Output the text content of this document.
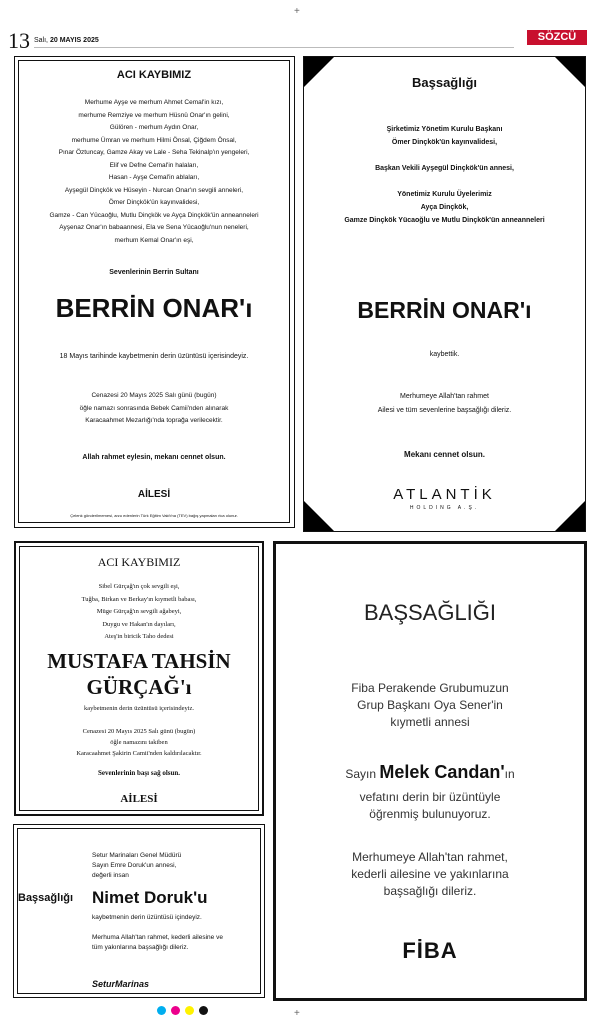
13 Salı, 20 MAYIS 2025	SÖZCÜ
+
+
ACI KAYBIMIZ
Merhume Ayşe ve merhum Ahmet Cemal'in kızı,
merhume Remziye ve merhum Hüsnü Onar'ın gelini,
Gülören - merhum Aydın Onar,
merhume Ümran ve merhum Hilmi Önsal, Çiğdem Önsal,
Pınar Öztuncay, Gamze Akay ve Lale - Seha Tekinalp'ın yengeleri,
Elif ve Defne Cemal'in halaları,
Hasan - Ayşe Cemal'in ablaları,
Ayşegül Dinçkök ve Hüseyin - Nurcan Onar'ın sevgili anneleri,
Ömer Dinçkök'ün kayınvalidesi,
Gamze - Can Yücaoğlu, Mutlu Dinçkök ve Ayça Dinçkök'ün anneanneleri
Ayşenaz Onar'ın babaannesi, Ela ve Sena Yücaoğlu'nun neneleri,
merhum Kemal Onar'ın eşi,
Sevenlerinin Berrin Sultanı
BERRİN ONAR'ı
18 Mayıs tarihinde kaybetmenin derin üzüntüsü içerisindeyiz.
Cenazesi 20 Mayıs 2025 Salı günü (bugün)
öğle namazı sonrasında Bebek Camii'nden alınarak
Karacaahmet Mezarlığı'nda toprağa verilecektir.
Allah rahmet eylesin, mekanı cennet olsun.
AİLESİ
Çelenk gönderilmemesi, arzu edenlerin Türk Eğitim Vakfı'na (TEV) bağış yapmaları rica olunur.
Başsağlığı
Şirketimiz Yönetim Kurulu Başkanı
Ömer Dinçkök'ün kayınvalidesi,
Başkan Vekili Ayşegül Dinçkök'ün annesi,
Yönetimiz Kurulu Üyelerimiz
Ayça Dinçkök,
Gamze Dinçkök Yücaoğlu ve Mutlu Dinçkök'ün anneanneleri
BERRİN ONAR'ı
kaybettik.
Merhumeye Allah'tan rahmet
Ailesi ve tüm sevenlerine başsağlığı dileriz.
Mekanı cennet olsun.
ATLANTİK
HOLDING A.Ş.
ACI KAYBIMIZ
Sibel Gürçağ'ın çok sevgili eşi,
Tuğba, Birkan ve Berkay'ın kıymetli babası,
Müge Gürçağ'ın sevgili ağabeyi,
Duygu ve Hakan'ın dayıları,
Ateş'in biricik Taho dedesi
MUSTAFA TAHSİN
GÜRÇAĞ'ı
kaybetmenin derin üzüntüsü içerisindeyiz.
Cenazesi 20 Mayıs 2025 Salı günü (bugün)
öğle namazını takiben
Karacaahmet Şakirin Camii'nden kaldırılacaktır.
Sevenlerinin başı sağ olsun.
AİLESİ
Başsağlığı
Setur Marinaları Genel Müdürü
Sayın Emre Doruk'un annesi,
değerli insan
Nimet Doruk'u
kaybetmenin derin üzüntüsü içindeyiz.
Merhuma Allah'tan rahmet, kederli ailesine ve
tüm yakınlarına başsağlığı dileriz.
SeturMarinas
BAŞSAĞLIĞI
Fiba Perakende Grubumuzun
Grup Başkanı Oya Sener'in
kıymetli annesi
Sayın Melek Candan'ın
vefatını derin bir üzüntüyle
öğrenmiş bulunuyoruz.
Merhumeye Allah'tan rahmet,
kederli ailesine ve yakınlarına
başsağlığı dileriz.
FİBA
